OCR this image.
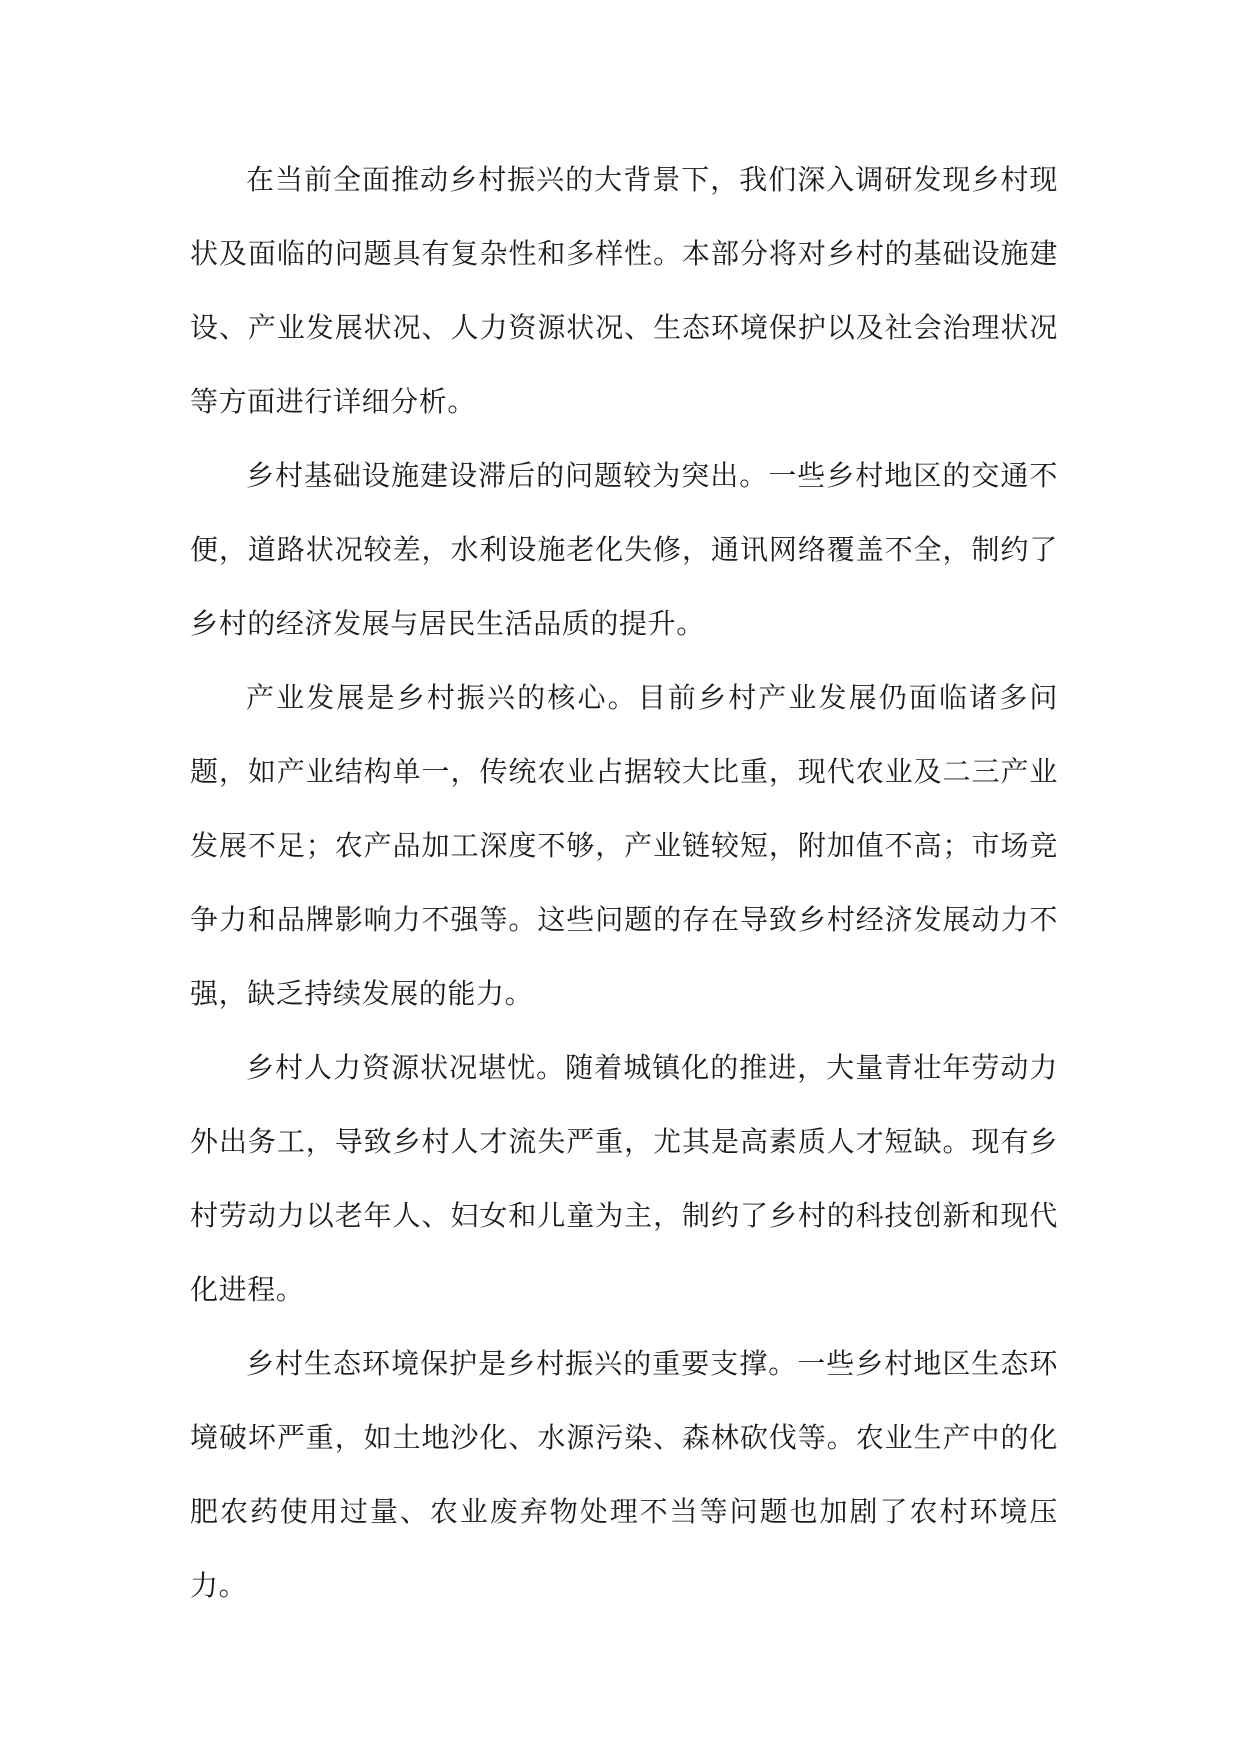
在当前全面推动乡村振兴的大背景下，我们深入调研发现乡村现状及面临的问题具有复杂性和多样性。本部分将对乡村的基础设施建设、产业发展状况、人力资源状况、生态环境保护以及社会治理状况等方面进行详细分析。

乡村基础设施建设滞后的问题较为突出。一些乡村地区的交通不便，道路状况较差，水利设施老化失修，通讯网络覆盖不全，制约了乡村的经济发展与居民生活品质的提升。

产业发展是乡村振兴的核心。目前乡村产业发展仍面临诸多问题，如产业结构单一，传统农业占据较大比重，现代农业及二三产业发展不足；农产品加工深度不够，产业链较短，附加值不高；市场竞争力和品牌影响力不强等。这些问题的存在导致乡村经济发展动力不强，缺乏持续发展的能力。

乡村人力资源状况堪忧。随着城镇化的推进，大量青壮年劳动力外出务工，导致乡村人才流失严重，尤其是高素质人才短缺。现有乡村劳动力以老年人、妇女和儿童为主，制约了乡村的科技创新和现代化进程。

乡村生态环境保护是乡村振兴的重要支撑。一些乡村地区生态环境破坏严重，如土地沙化、水源污染、森林砍伐等。农业生产中的化肥农药使用过量、农业废弃物处理不当等问题也加剧了农村环境压力。
